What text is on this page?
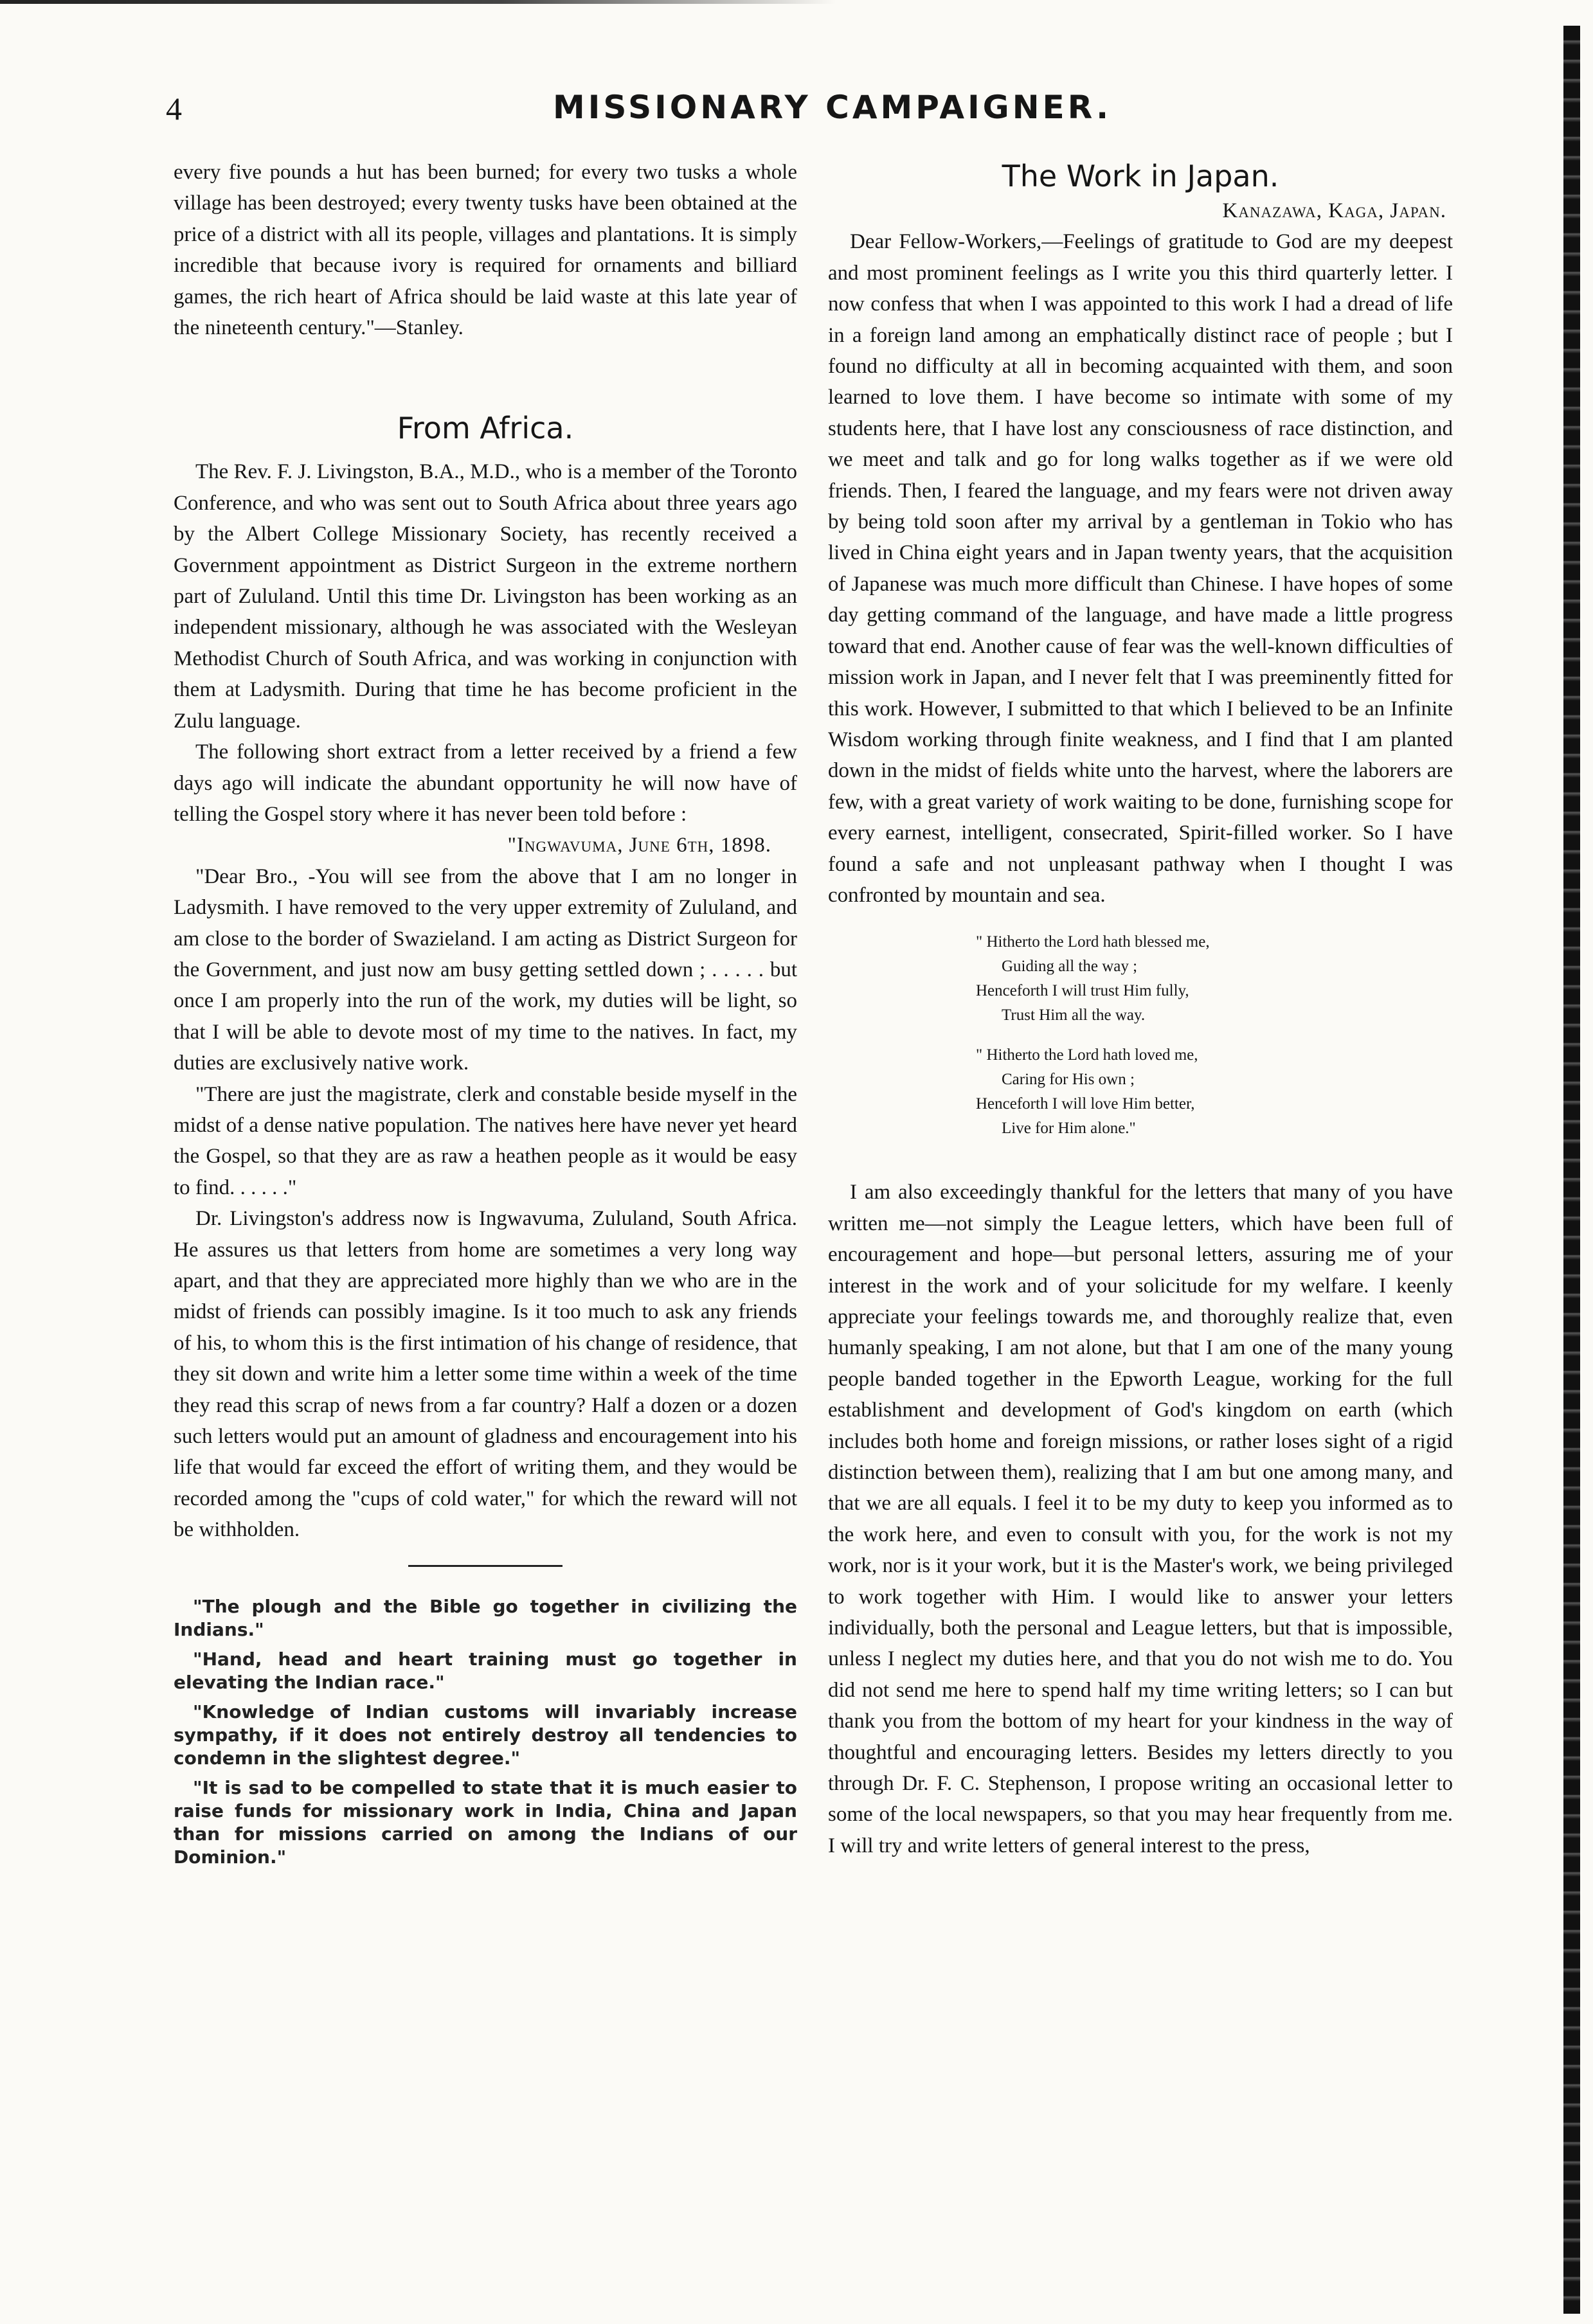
4	MISSIONARY CAMPAIGNER.

every five pounds a hut has been burned; for every two tusks a whole village has been destroyed; every twenty tusks have been obtained at the price of a district with all its people, villages and plantations. It is simply incredible that because ivory is required for ornaments and billiard games, the rich heart of Africa should be laid waste at this late year of the nineteenth century."—Stanley.

From Africa.

The Rev. F. J. Livingston, B.A., M.D., who is a member of the Toronto Conference, and who was sent out to South Africa about three years ago by the Albert College Missionary Society, has recently received a Government appointment as District Surgeon in the extreme northern part of Zululand. Until this time Dr. Livingston has been working as an independent missionary, although he was associated with the Wesleyan Methodist Church of South Africa, and was working in conjunction with them at Ladysmith. During that time he has become proficient in the Zulu language.

The following short extract from a letter received by a friend a few days ago will indicate the abundant opportunity he will now have of telling the Gospel story where it has never been told before :

"Ingwavuma, June 6th, 1898.

"Dear Bro., -You will see from the above that I am no longer in Ladysmith. I have removed to the very upper extremity of Zululand, and am close to the border of Swazieland. I am acting as District Surgeon for the Government, and just now am busy getting settled down ; . . . . . but once I am properly into the run of the work, my duties will be light, so that I will be able to devote most of my time to the natives. In fact, my duties are exclusively native work.

"There are just the magistrate, clerk and constable beside myself in the midst of a dense native population. The natives here have never yet heard the Gospel, so that they are as raw a heathen people as it would be easy to find. . . . . ."

Dr. Livingston's address now is Ingwavuma, Zululand, South Africa. He assures us that letters from home are sometimes a very long way apart, and that they are appreciated more highly than we who are in the midst of friends can possibly imagine. Is it too much to ask any friends of his, to whom this is the first intimation of his change of residence, that they sit down and write him a letter some time within a week of the time they read this scrap of news from a far country? Half a dozen or a dozen such letters would put an amount of gladness and encouragement into his life that would far exceed the effort of writing them, and they would be recorded among the "cups of cold water," for which the reward will not be withholden.

"The plough and the Bible go together in civilizing the Indians."

"Hand, head and heart training must go together in elevating the Indian race."

"Knowledge of Indian customs will invariably increase sympathy, if it does not entirely destroy all tendencies to condemn in the slightest degree."

"It is sad to be compelled to state that it is much easier to raise funds for missionary work in India, China and Japan than for missions carried on among the Indians of our Dominion."

The Work in Japan.

Kanazawa, Kaga, Japan.

Dear Fellow-Workers,—Feelings of gratitude to God are my deepest and most prominent feelings as I write you this third quarterly letter. I now confess that when I was appointed to this work I had a dread of life in a foreign land among an emphatically distinct race of people ; but I found no difficulty at all in becoming acquainted with them, and soon learned to love them. I have become so intimate with some of my students here, that I have lost any consciousness of race distinction, and we meet and talk and go for long walks together as if we were old friends. Then, I feared the language, and my fears were not driven away by being told soon after my arrival by a gentleman in Tokio who has lived in China eight years and in Japan twenty years, that the acquisition of Japanese was much more difficult than Chinese. I have hopes of some day getting command of the language, and have made a little progress toward that end. Another cause of fear was the well-known difficulties of mission work in Japan, and I never felt that I was preeminently fitted for this work. However, I submitted to that which I believed to be an Infinite Wisdom working through finite weakness, and I find that I am planted down in the midst of fields white unto the harvest, where the laborers are few, with a great variety of work waiting to be done, furnishing scope for every earnest, intelligent, consecrated, Spirit-filled worker. So I have found a safe and not unpleasant pathway when I thought I was confronted by mountain and sea.

" Hitherto the Lord hath blessed me,
Guiding all the way ;
Henceforth I will trust Him fully,
Trust Him all the way.
" Hitherto the Lord hath loved me,
Caring for His own ;
Henceforth I will love Him better,
Live for Him alone."

I am also exceedingly thankful for the letters that many of you have written me—not simply the League letters, which have been full of encouragement and hope—but personal letters, assuring me of your interest in the work and of your solicitude for my welfare. I keenly appreciate your feelings towards me, and thoroughly realize that, even humanly speaking, I am not alone, but that I am one of the many young people banded together in the Epworth League, working for the full establishment and development of God's kingdom on earth (which includes both home and foreign missions, or rather loses sight of a rigid distinction between them), realizing that I am but one among many, and that we are all equals. I feel it to be my duty to keep you informed as to the work here, and even to consult with you, for the work is not my work, nor is it your work, but it is the Master's work, we being privileged to work together with Him. I would like to answer your letters individually, both the personal and League letters, but that is impossible, unless I neglect my duties here, and that you do not wish me to do. You did not send me here to spend half my time writing letters; so I can but thank you from the bottom of my heart for your kindness in the way of thoughtful and encouraging letters. Besides my letters directly to you through Dr. F. C. Stephenson, I propose writing an occasional letter to some of the local newspapers, so that you may hear frequently from me. I will try and write letters of general interest to the press,
